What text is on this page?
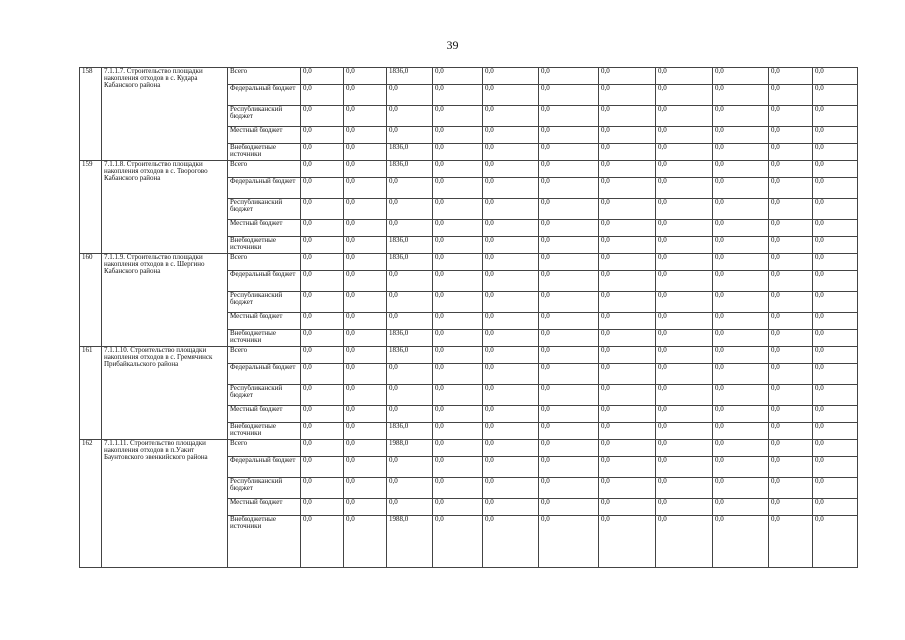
39
158	7.1.1.7. Строительство площадки накопления отходов в с. Кудара Кабанского района	Всего	0,0	0,0	1836,0	0,0	0,0	0,0	0,0	0,0	0,0	0,0	0,0
		Федеральный бюджет	0,0	0,0	0,0	0,0	0,0	0,0	0,0	0,0	0,0	0,0	0,0
		Республиканский бюджет	0,0	0,0	0,0	0,0	0,0	0,0	0,0	0,0	0,0	0,0	0,0
		Местный бюджет	0,0	0,0	0,0	0,0	0,0	0,0	0,0	0,0	0,0	0,0	0,0
		Внебюджетные источники	0,0	0,0	1836,0	0,0	0,0	0,0	0,0	0,0	0,0	0,0	0,0
159	7.1.1.8. Строительство площадки накопления отходов в с. Творогово Кабанского района	Всего	0,0	0,0	1836,0	0,0	0,0	0,0	0,0	0,0	0,0	0,0	0,0
		Федеральный бюджет	0,0	0,0	0,0	0,0	0,0	0,0	0,0	0,0	0,0	0,0	0,0
		Республиканский бюджет	0,0	0,0	0,0	0,0	0,0	0,0	0,0	0,0	0,0	0,0	0,0
		Местный бюджет	0,0	0,0	0,0	0,0	0,0	0,0	0,0	0,0	0,0	0,0	0,0
		Внебюджетные источники	0,0	0,0	1836,0	0,0	0,0	0,0	0,0	0,0	0,0	0,0	0,0
160	7.1.1.9. Строительство площадки накопления отходов в с. Шергино Кабанского района	Всего	0,0	0,0	1836,0	0,0	0,0	0,0	0,0	0,0	0,0	0,0	0,0
		Федеральный бюджет	0,0	0,0	0,0	0,0	0,0	0,0	0,0	0,0	0,0	0,0	0,0
		Республиканский бюджет	0,0	0,0	0,0	0,0	0,0	0,0	0,0	0,0	0,0	0,0	0,0
		Местный бюджет	0,0	0,0	0,0	0,0	0,0	0,0	0,0	0,0	0,0	0,0	0,0
		Внебюджетные источники	0,0	0,0	1836,0	0,0	0,0	0,0	0,0	0,0	0,0	0,0	0,0
161	7.1.1.10. Строительство площадки накопления отходов в с. Гремячинск Прибайкальского района	Всего	0,0	0,0	1836,0	0,0	0,0	0,0	0,0	0,0	0,0	0,0	0,0
		Федеральный бюджет	0,0	0,0	0,0	0,0	0,0	0,0	0,0	0,0	0,0	0,0	0,0
		Республиканский бюджет	0,0	0,0	0,0	0,0	0,0	0,0	0,0	0,0	0,0	0,0	0,0
		Местный бюджет	0,0	0,0	0,0	0,0	0,0	0,0	0,0	0,0	0,0	0,0	0,0
		Внебюджетные источники	0,0	0,0	1836,0	0,0	0,0	0,0	0,0	0,0	0,0	0,0	0,0
162	7.1.1.11. Строительство площадки накопления отходов в п.Уакит Баунтовского эвенкийского района	Всего	0,0	0,0	1988,0	0,0	0,0	0,0	0,0	0,0	0,0	0,0	0,0
		Федеральный бюджет	0,0	0,0	0,0	0,0	0,0	0,0	0,0	0,0	0,0	0,0	0,0
		Республиканский бюджет	0,0	0,0	0,0	0,0	0,0	0,0	0,0	0,0	0,0	0,0	0,0
		Местный бюджет	0,0	0,0	0,0	0,0	0,0	0,0	0,0	0,0	0,0	0,0	0,0
		Внебюджетные источники	0,0	0,0	1988,0	0,0	0,0	0,0	0,0	0,0	0,0	0,0	0,0
